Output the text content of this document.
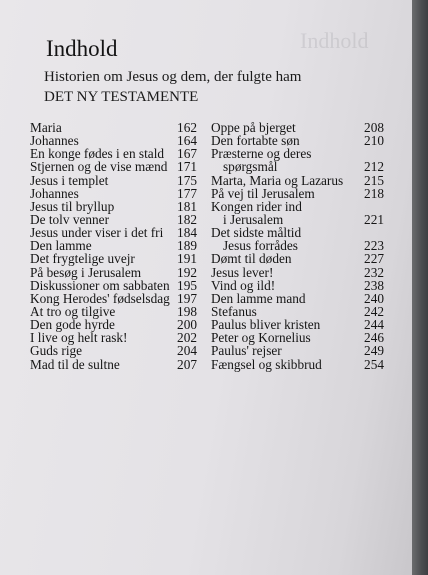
Indhold
Indhold
Historien om Jesus og dem, der fulgte ham
DET NY TESTAMENTE
Maria	162
Johannes	164
En konge fødes i en stald 167
Stjernen og de vise mænd 171
Jesus i templet	175
Johannes	177
Jesus til bryllup	181
De tolv venner	182
Jesus under viser i det fri 184
Den lamme	189
Det frygtelige uvejr	191
På besøg i Jerusalem	192
Diskussioner om sabbaten 195
Kong Herodes' fødselsdag 197
At tro og tilgive	198
Den gode hyrde	200
I live og helt rask!	202
Guds rige	204
Mad til de sultne	207
Oppe på bjerget	208
Den fortabte søn	210
Præsterne og deres
spørgsmål	212
Marta, Maria og Lazarus 215
På vej til Jerusalem	218
Kongen rider ind
i Jerusalem	221
Det sidste måltid
Jesus forrådes	223
Dømt til døden	227
Jesus lever!	232
Vind og ild!	238
Den lamme mand	240
Stefanus	242
Paulus bliver kristen	244
Peter og Kornelius	246
Paulus' rejser	249
Fængsel og skibbrud	254
